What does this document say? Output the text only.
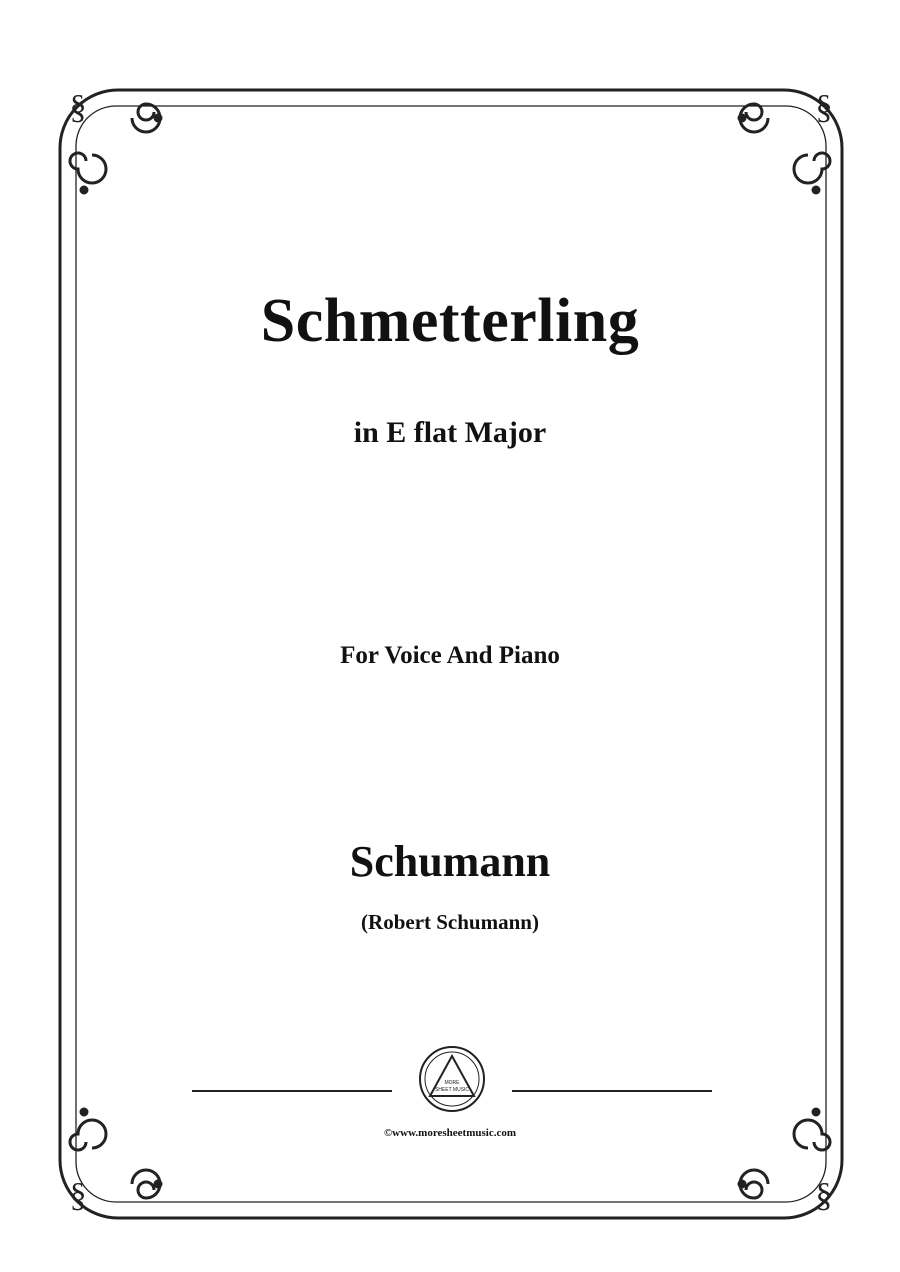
§	§
§	§
Schmetterling
in E flat Major
For Voice And Piano
Schumann
(Robert Schumann)
MORE
SHEET MUSIC
©www.moresheetmusic.com
